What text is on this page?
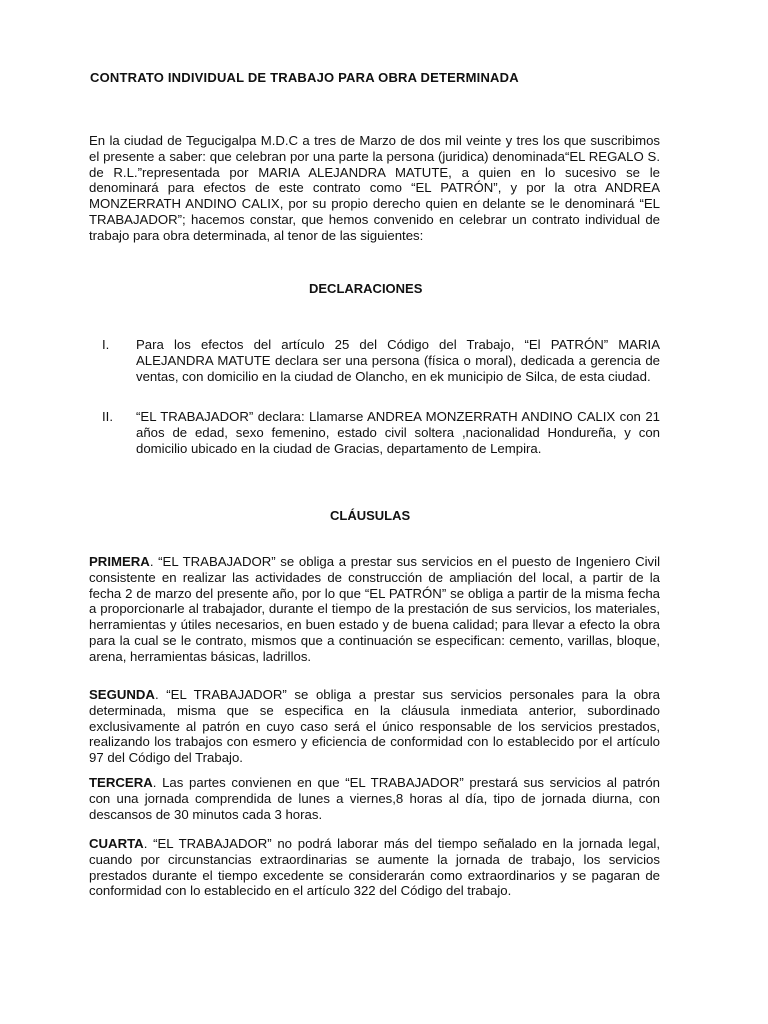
CONTRATO INDIVIDUAL DE TRABAJO PARA OBRA DETERMINADA

En la ciudad de Tegucigalpa M.D.C a tres de Marzo de dos mil veinte y tres los que suscribimos el presente a saber: que celebran por una parte la persona (juridica) denominada“EL REGALO S. de R.L.”representada por MARIA ALEJANDRA MATUTE, a quien en lo sucesivo se le denominará para efectos de este contrato como “EL PATRÓN”, y por la otra ANDREA MONZERRATH ANDINO CALIX, por su propio derecho quien en delante se le denominará “EL TRABAJADOR”; hacemos constar, que hemos convenido en celebrar un contrato individual de trabajo para obra determinada, al tenor de las siguientes:

DECLARACIONES
I. Para los efectos del artículo 25 del Código del Trabajo, “El PATRÓN” MARIA ALEJANDRA MATUTE declara ser una persona (física o moral), dedicada a gerencia de ventas, con domicilio en la ciudad de Olancho, en ek municipio de Silca, de esta ciudad.

II. “EL TRABAJADOR” declara: Llamarse ANDREA MONZERRATH ANDINO CALIX con 21 años de edad, sexo femenino, estado civil soltera ,nacionalidad Hondureña, y con domicilio ubicado en la ciudad de Gracias, departamento de Lempira.

CLÁUSULAS

PRIMERA. “EL TRABAJADOR” se obliga a prestar sus servicios en el puesto de Ingeniero Civil consistente en realizar las actividades de construcción de ampliación del local, a partir de la fecha 2 de marzo del presente año, por lo que “EL PATRÓN” se obliga a partir de la misma fecha a proporcionarle al trabajador, durante el tiempo de la prestación de sus servicios, los materiales, herramientas y útiles necesarios, en buen estado y de buena calidad; para llevar a efecto la obra para la cual se le contrato, mismos que a continuación se especifican: cemento, varillas, bloque, arena, herramientas básicas, ladrillos.

SEGUNDA. “EL TRABAJADOR” se obliga a prestar sus servicios personales para la obra determinada, misma que se especifica en la cláusula inmediata anterior, subordinado exclusivamente al patrón en cuyo caso será el único responsable de los servicios prestados, realizando los trabajos con esmero y eficiencia de conformidad con lo establecido por el artículo 97 del Código del Trabajo.

TERCERA. Las partes convienen en que “EL TRABAJADOR” prestará sus servicios al patrón con una jornada comprendida de lunes a viernes,8 horas al día, tipo de jornada diurna, con descansos de 30 minutos cada 3 horas.

CUARTA. “EL TRABAJADOR” no podrá laborar más del tiempo señalado en la jornada legal, cuando por circunstancias extraordinarias se aumente la jornada de trabajo, los servicios prestados durante el tiempo excedente se considerarán como extraordinarios y se pagaran de conformidad con lo establecido en el artículo 322 del Código del trabajo.
